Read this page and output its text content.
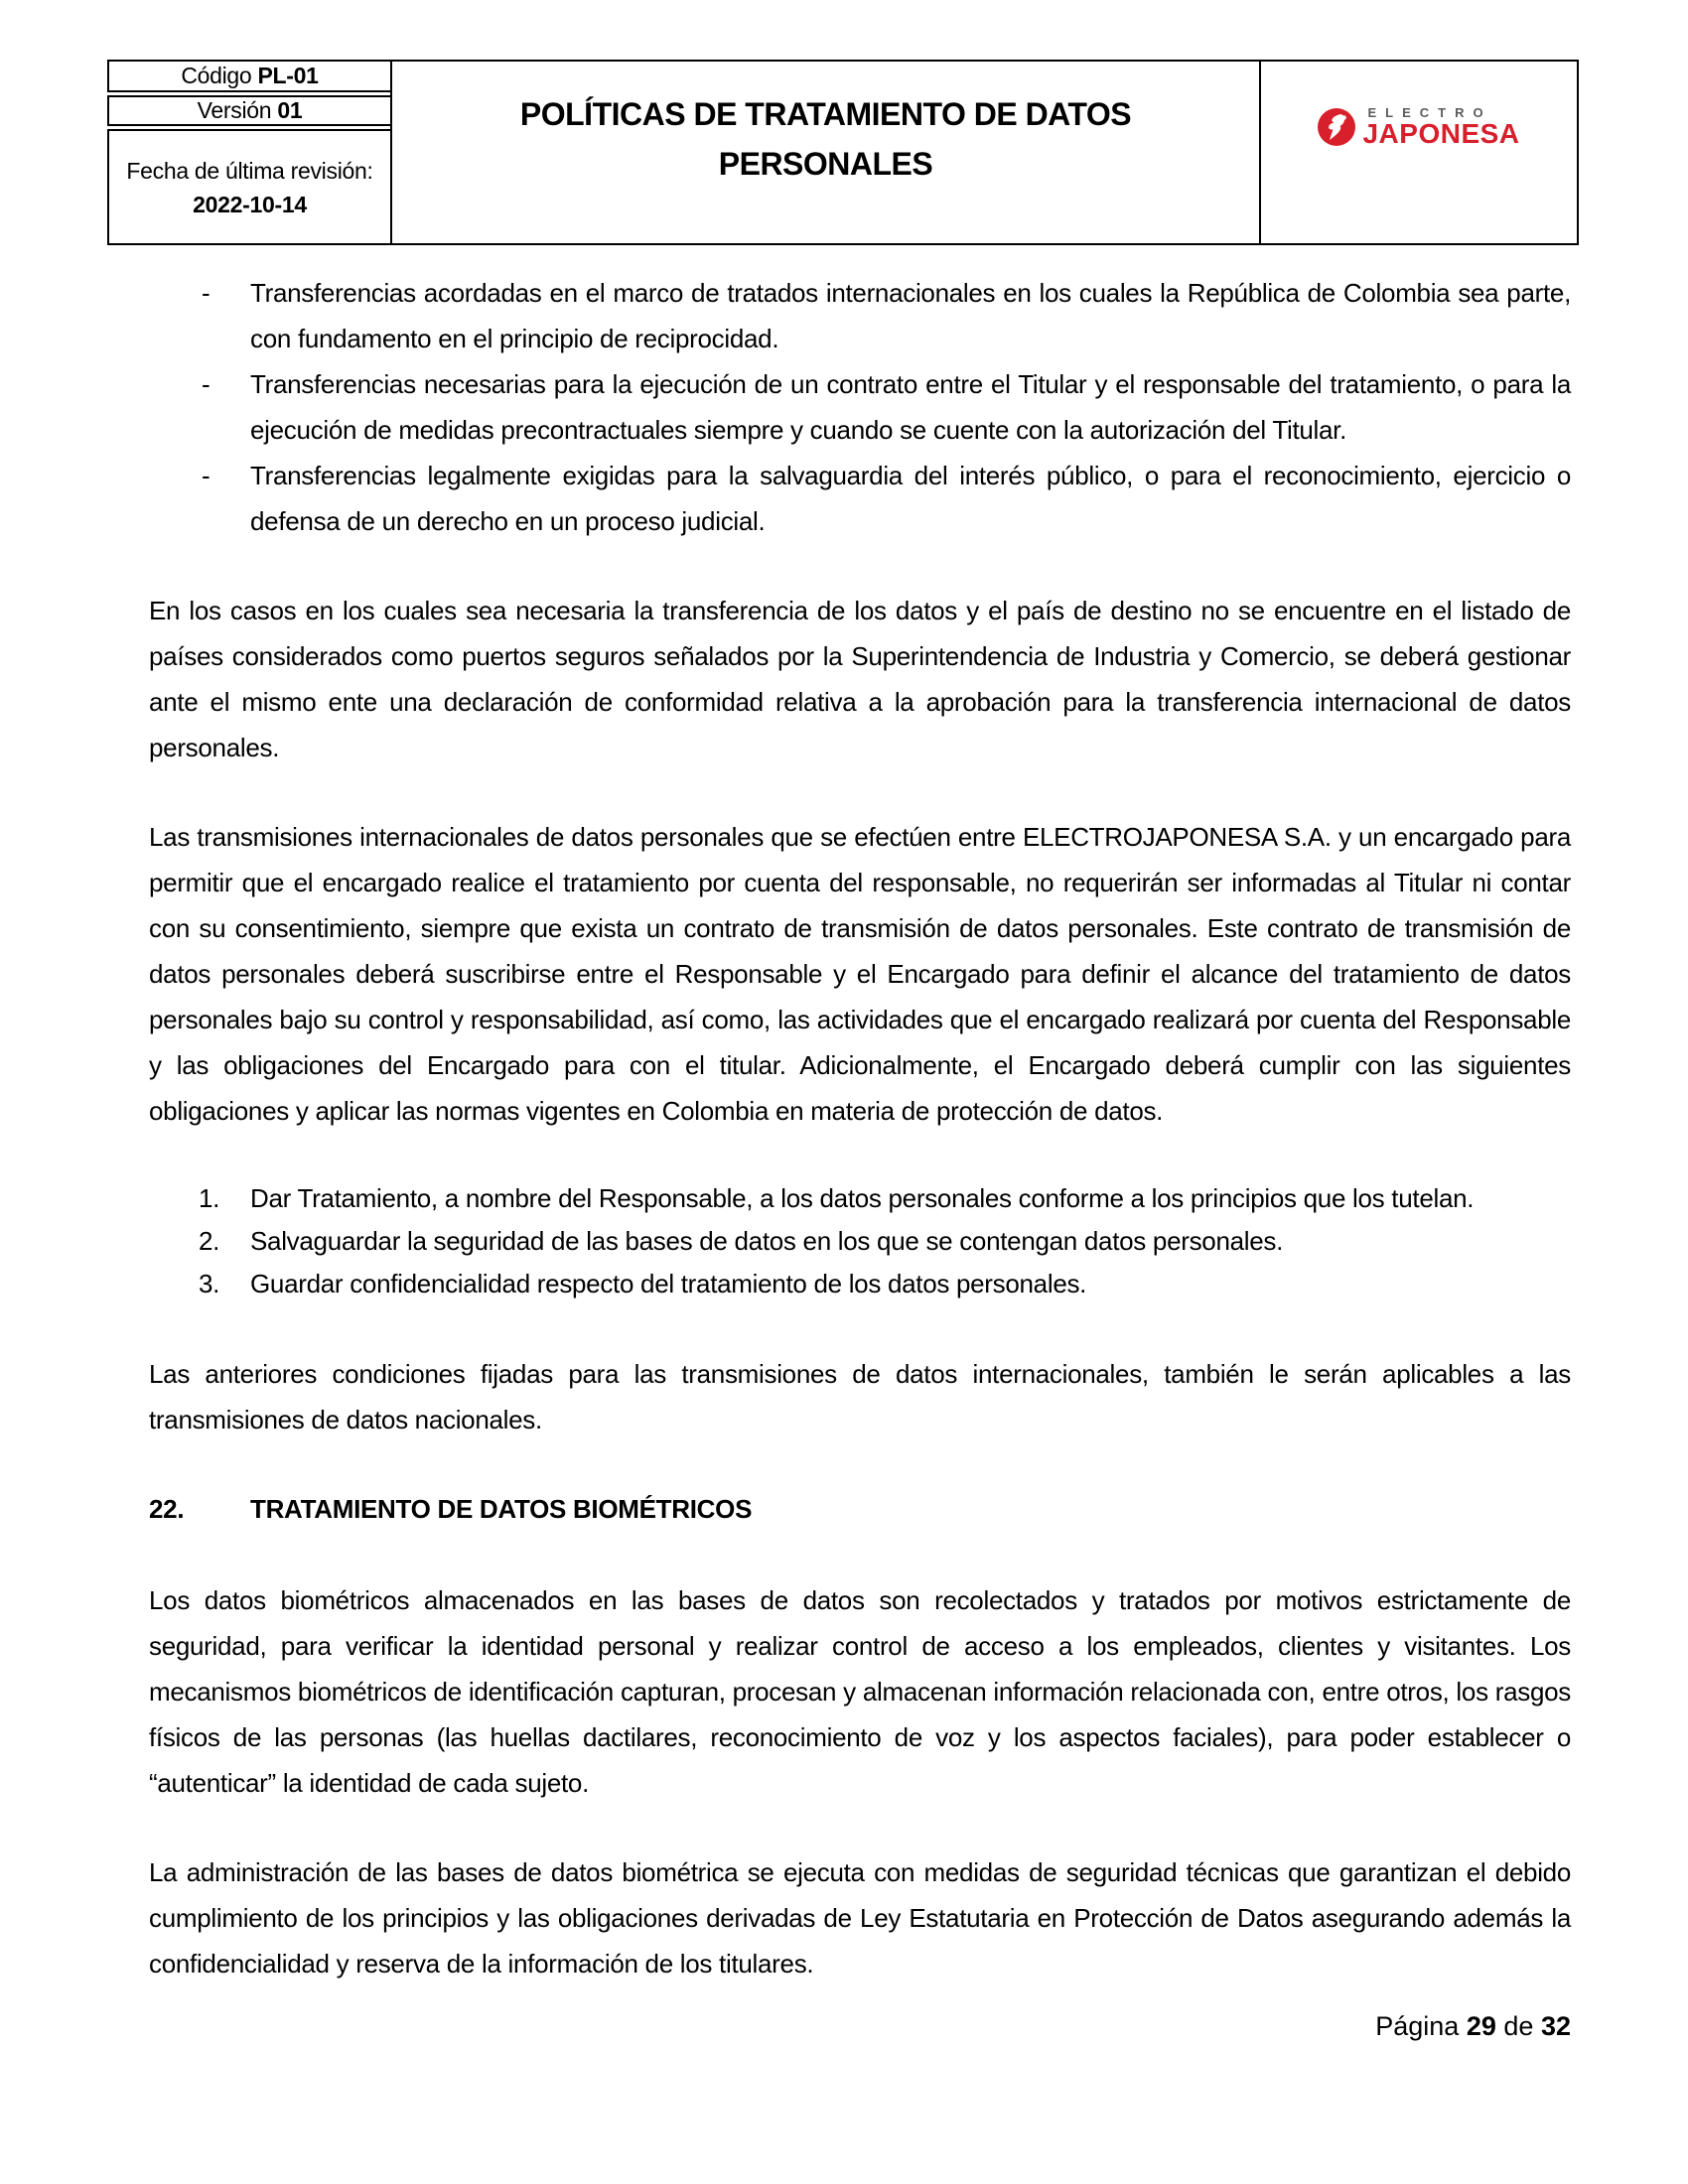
Código PL-01
Versión 01
Fecha de última revisión:
2022-10-14
POLÍTICAS DE TRATAMIENTO DE DATOS PERSONALES
ELECTRO
JAPONESA
-	Transferencias acordadas en el marco de tratados internacionales en los cuales la República de Colombia sea parte, con fundamento en el principio de reciprocidad.
-	Transferencias necesarias para la ejecución de un contrato entre el Titular y el responsable del tratamiento, o para la ejecución de medidas precontractuales siempre y cuando se cuente con la autorización del Titular.
-	Transferencias legalmente exigidas para la salvaguardia del interés público, o para el reconocimiento, ejercicio o defensa de un derecho en un proceso judicial.

En los casos en los cuales sea necesaria la transferencia de los datos y el país de destino no se encuentre en el listado de países considerados como puertos seguros señalados por la Superintendencia de Industria y Comercio, se deberá gestionar ante el mismo ente una declaración de conformidad relativa a la aprobación para la transferencia internacional de datos personales.

Las transmisiones internacionales de datos personales que se efectúen entre ELECTROJAPONESA S.A. y un encargado para permitir que el encargado realice el tratamiento por cuenta del responsable, no requerirán ser informadas al Titular ni contar con su consentimiento, siempre que exista un contrato de transmisión de datos personales. Este contrato de transmisión de datos personales deberá suscribirse entre el Responsable y el Encargado para definir el alcance del tratamiento de datos personales bajo su control y responsabilidad, así como, las actividades que el encargado realizará por cuenta del Responsable y las obligaciones del Encargado para con el titular. Adicionalmente, el Encargado deberá cumplir con las siguientes obligaciones y aplicar las normas vigentes en Colombia en materia de protección de datos.

1.	Dar Tratamiento, a nombre del Responsable, a los datos personales conforme a los principios que los tutelan.
2.	Salvaguardar la seguridad de las bases de datos en los que se contengan datos personales.
3.	Guardar confidencialidad respecto del tratamiento de los datos personales.

Las anteriores condiciones fijadas para las transmisiones de datos internacionales, también le serán aplicables a las transmisiones de datos nacionales.

22.	TRATAMIENTO DE DATOS BIOMÉTRICOS

Los datos biométricos almacenados en las bases de datos son recolectados y tratados por motivos estrictamente de seguridad, para verificar la identidad personal y realizar control de acceso a los empleados, clientes y visitantes. Los mecanismos biométricos de identificación capturan, procesan y almacenan información relacionada con, entre otros, los rasgos físicos de las personas (las huellas dactilares, reconocimiento de voz y los aspectos faciales), para poder establecer o “autenticar” la identidad de cada sujeto.

La administración de las bases de datos biométrica se ejecuta con medidas de seguridad técnicas que garantizan el debido cumplimiento de los principios y las obligaciones derivadas de Ley Estatutaria en Protección de Datos asegurando además la confidencialidad y reserva de la información de los titulares.

Página 29 de 32
